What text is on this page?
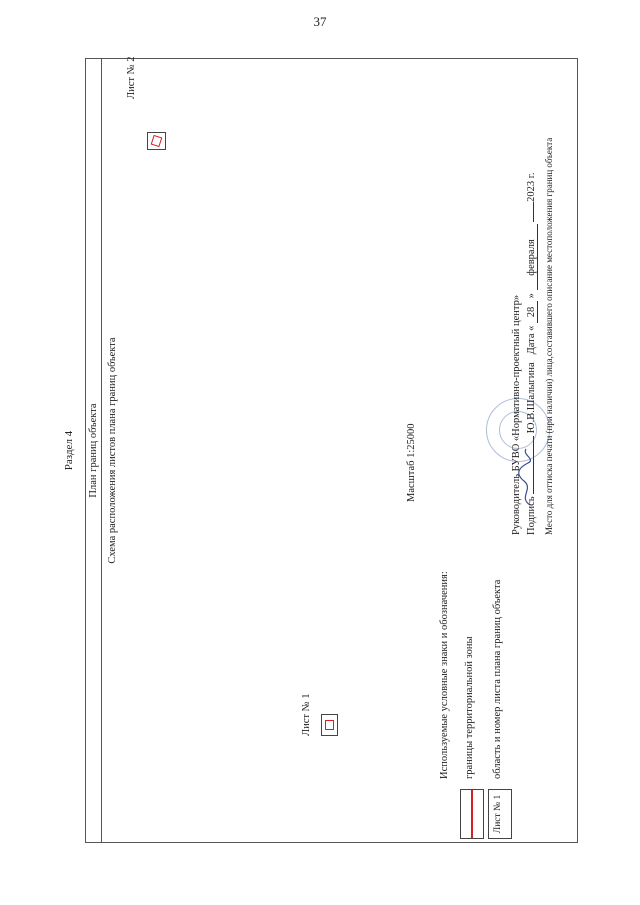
37
Раздел 4 План границ объекта Схема расположения листов плана границ объекта
Лист № 1
Лист № 2
Масштаб 1:25000
Используемые условные знаки и обозначения: границы территориальной зоны
Лист № 1
область и номер листа плана границ объекта
Руководитель БУВО «Нормативно-проектный центр» Подпись  Ю.В.Шалыгина   Дата « 28 » февраля 2023 г. Место для оттиска печати (при наличии) лица,составившего описание местоположения границ объекта
